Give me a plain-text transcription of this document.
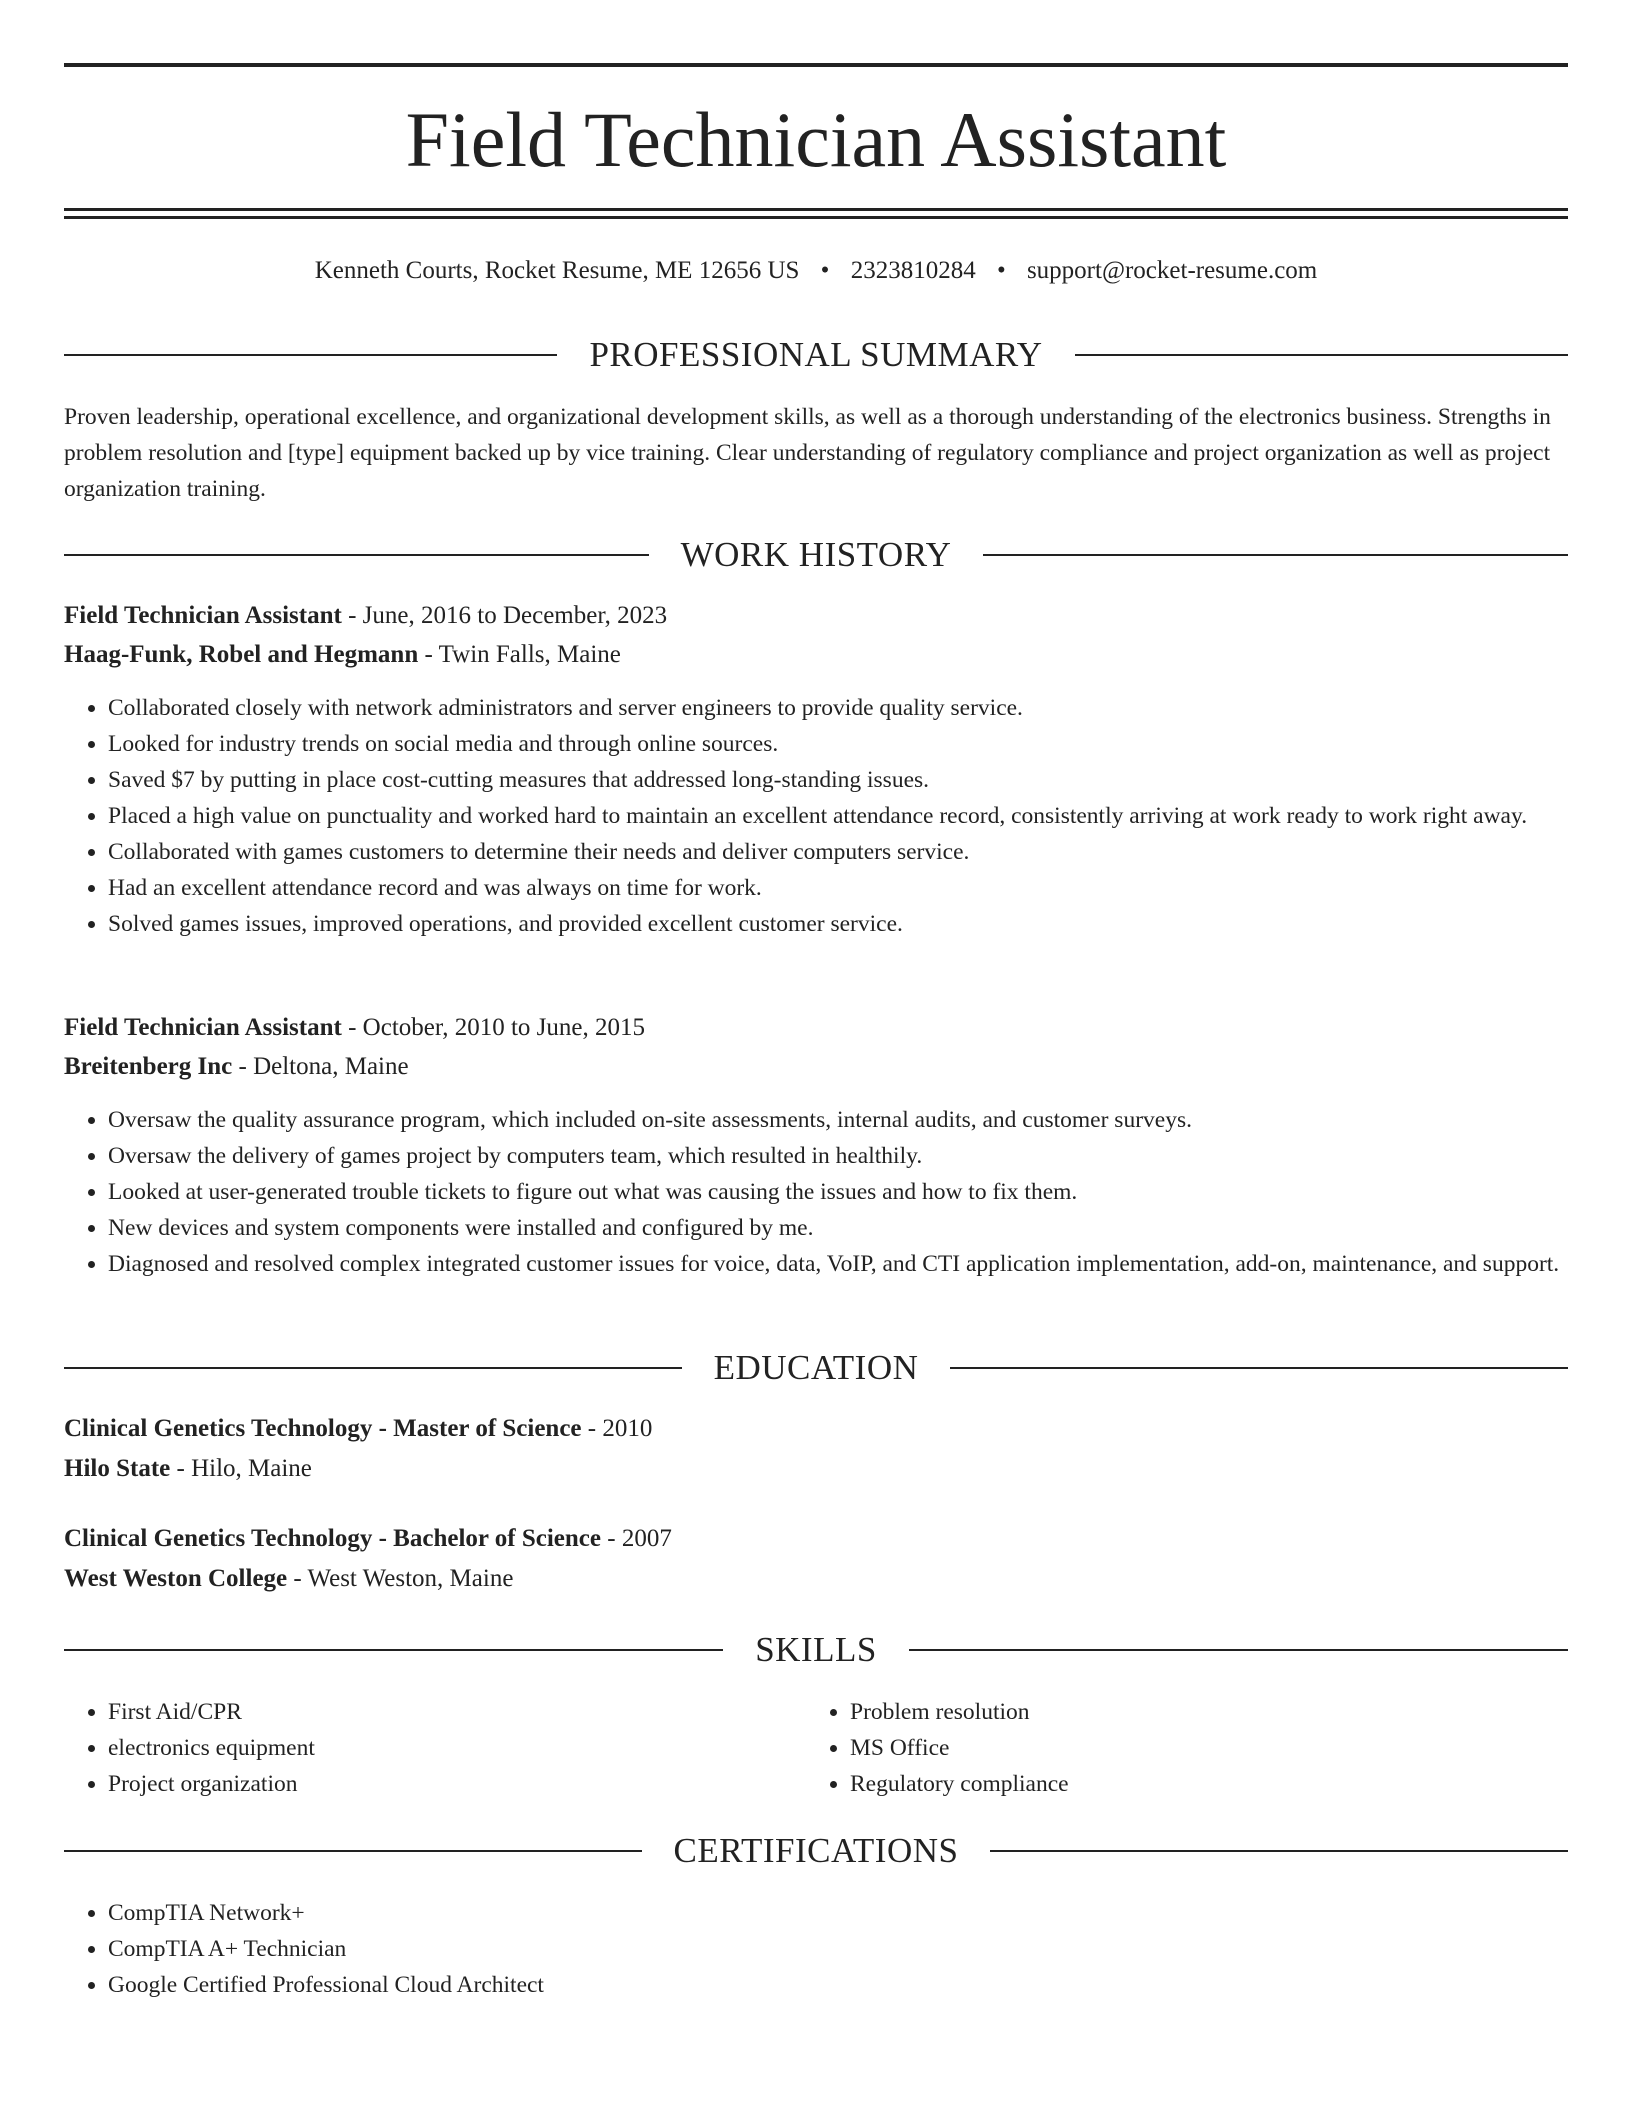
Field Technician Assistant
Kenneth Courts, Rocket Resume, ME 12656 US • 2323810284 • support@rocket-resume.com
PROFESSIONAL SUMMARY

Proven leadership, operational excellence, and organizational development skills, as well as a thorough understanding of the electronics business. Strengths in problem resolution and [type] equipment backed up by vice training. Clear understanding of regulatory compliance and project organization as well as project organization training.

WORK HISTORY
Field Technician Assistant - June, 2016 to December, 2023
Haag-Funk, Robel and Hegmann - Twin Falls, Maine
• Collaborated closely with network administrators and server engineers to provide quality service.
• Looked for industry trends on social media and through online sources.
• Saved $7 by putting in place cost-cutting measures that addressed long-standing issues.
• Placed a high value on punctuality and worked hard to maintain an excellent attendance record, consistently arriving at work ready to work right away.
• Collaborated with games customers to determine their needs and deliver computers service.
• Had an excellent attendance record and was always on time for work.
• Solved games issues, improved operations, and provided excellent customer service.
Field Technician Assistant - October, 2010 to June, 2015
Breitenberg Inc - Deltona, Maine
• Oversaw the quality assurance program, which included on-site assessments, internal audits, and customer surveys.
• Oversaw the delivery of games project by computers team, which resulted in healthily.
• Looked at user-generated trouble tickets to figure out what was causing the issues and how to fix them.
• New devices and system components were installed and configured by me.
• Diagnosed and resolved complex integrated customer issues for voice, data, VoIP, and CTI application implementation, add-on, maintenance, and support.
EDUCATION
Clinical Genetics Technology - Master of Science - 2010
Hilo State - Hilo, Maine
Clinical Genetics Technology - Bachelor of Science - 2007
West Weston College - West Weston, Maine
SKILLS
• First Aid/CPR
• electronics equipment
• Project organization
• Problem resolution
• MS Office
• Regulatory compliance
CERTIFICATIONS
• CompTIA Network+
• CompTIA A+ Technician
• Google Certified Professional Cloud Architect
